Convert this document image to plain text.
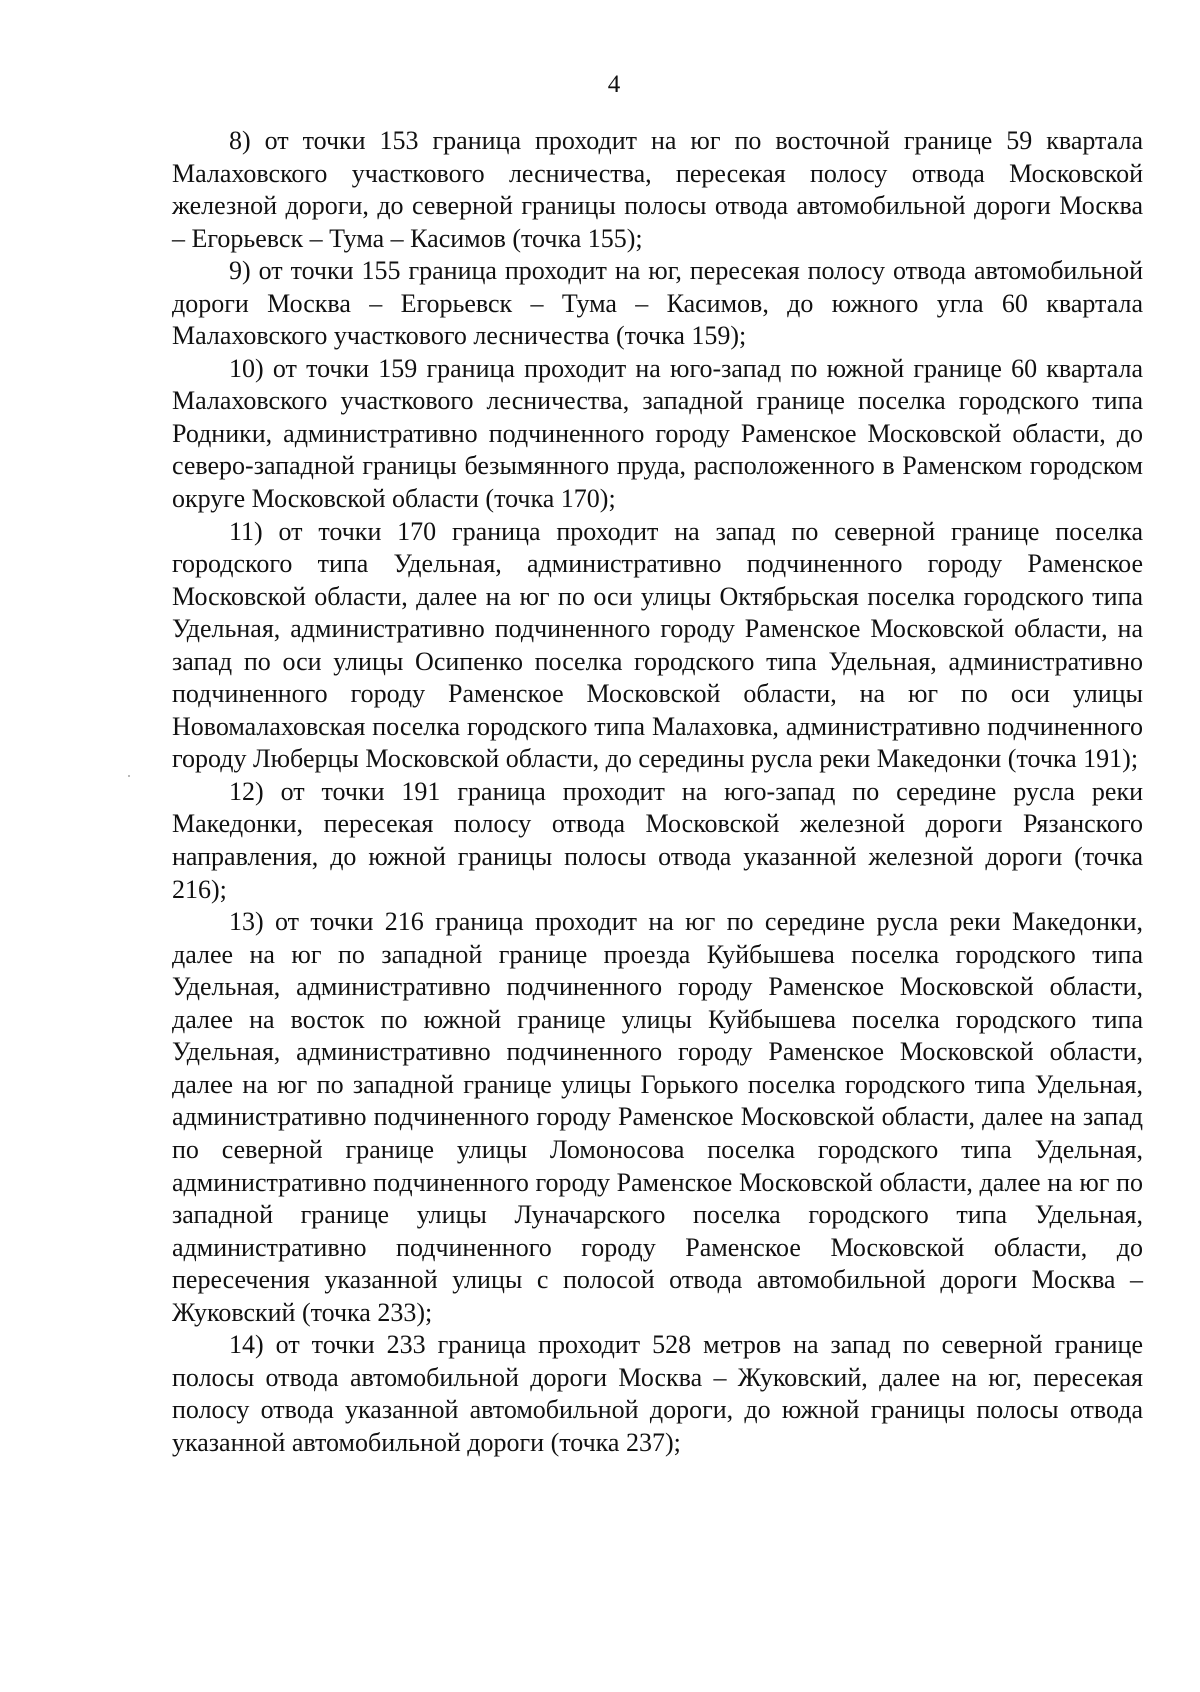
4

8) от точки 153 граница проходит на юг по восточной границе 59 квартала Малаховского участкового лесничества, пересекая полосу отвода Московской железной дороги, до северной границы полосы отвода автомобильной дороги Москва – Егорьевск – Тума – Касимов (точка 155);

9) от точки 155 граница проходит на юг, пересекая полосу отвода автомобильной дороги Москва – Егорьевск – Тума – Касимов, до южного угла 60 квартала Малаховского участкового лесничества (точка 159);

10) от точки 159 граница проходит на юго-запад по южной границе 60 квартала Малаховского участкового лесничества, западной границе поселка городского типа Родники, административно подчиненного городу Раменское Московской области, до северо-западной границы безымянного пруда, расположенного в Раменском городском округе Московской области (точка 170);

11) от точки 170 граница проходит на запад по северной границе поселка городского типа Удельная, административно подчиненного городу Раменское Московской области, далее на юг по оси улицы Октябрьская поселка городского типа Удельная, административно подчиненного городу Раменское Московской области, на запад по оси улицы Осипенко поселка городского типа Удельная, административно подчиненного городу Раменское Московской области, на юг по оси улицы Новомалаховская поселка городского типа Малаховка, административно подчиненного городу Люберцы Московской области, до середины русла реки Македонки (точка 191);

12) от точки 191 граница проходит на юго-запад по середине русла реки Македонки, пересекая полосу отвода Московской железной дороги Рязанского направления, до южной границы полосы отвода указанной железной дороги (точка 216);

13) от точки 216 граница проходит на юг по середине русла реки Македонки, далее на юг по западной границе проезда Куйбышева поселка городского типа Удельная, административно подчиненного городу Раменское Московской области, далее на восток по южной границе улицы Куйбышева поселка городского типа Удельная, административно подчиненного городу Раменское Московской области, далее на юг по западной границе улицы Горького поселка городского типа Удельная, административно подчиненного городу Раменское Московской области, далее на запад по северной границе улицы Ломоносова поселка городского типа Удельная, административно подчиненного городу Раменское Московской области, далее на юг по западной границе улицы Луначарского поселка городского типа Удельная, административно подчиненного городу Раменское Московской области, до пересечения указанной улицы с полосой отвода автомобильной дороги Москва – Жуковский (точка 233);

14) от точки 233 граница проходит 528 метров на запад по северной границе полосы отвода автомобильной дороги Москва – Жуковский, далее на юг, пересекая полосу отвода указанной автомобильной дороги, до южной границы полосы отвода указанной автомобильной дороги (точка 237);
